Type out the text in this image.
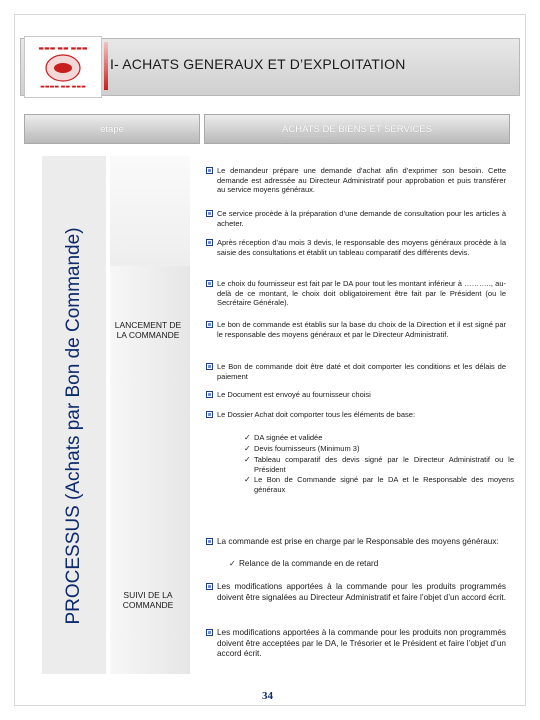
▬▬▬ ▬▬ ▬▬▬
▬▬▬▬ ▬▬ ▬▬▬
I- ACHATS GENERAUX ET D’EXPLOITATION
étape	ACHATS DE BIENS ET SERVICES
PROCESSUS (Achats par Bon de Commande)	LANCEMENT DE LA COMMANDE
SUIVI DE LA COMMANDE
Le demandeur prépare une demande d’achat afin d’exprimer son besoin. Cette demande est adressée au Directeur Administratif pour approbation et puis transférer au service moyens généraux.
Ce service procède à la préparation d’une demande de consultation pour les articles à acheter.
Après réception d’au mois 3 devis, le responsable des moyens généraux procède à la saisie des consultations et établit un tableau comparatif des différents devis.
Le choix du fournisseur est fait par le DA pour tout les montant inférieur à ……….., au-delà de ce montant, le choix doit obligatoirement être fait par le Président (ou le Secrétaire Générale).
Le bon de commande est établis sur la base du choix de la Direction et il est signé par le responsable des moyens généraux et par le Directeur Administratif.
Le Bon de commande doit être daté et doit comporter les conditions et les délais de paiement
Le Document est envoyé au fournisseur choisi
Le Dossier Achat doit comporter tous les éléments de base:
✓ DA signée et validée
✓ Devis fournisseurs (Minimum 3)
✓ Tableau comparatif des devis signé par le Directeur Administratif ou le Président
✓ Le Bon de Commande signé par le DA et le Responsable des moyens généraux
La commande est prise en charge par le Responsable des moyens généraux:
✓ Relance de la commande en de retard
Les modifications apportées à la commande pour les produits programmés doivent être signalées au Directeur Administratif et faire l’objet d’un accord écrit.
Les modifications apportées à la commande pour les produits non programmés doivent être acceptées par le DA, le Trésorier et le Président et faire l’objet d’un accord écrit.
34
